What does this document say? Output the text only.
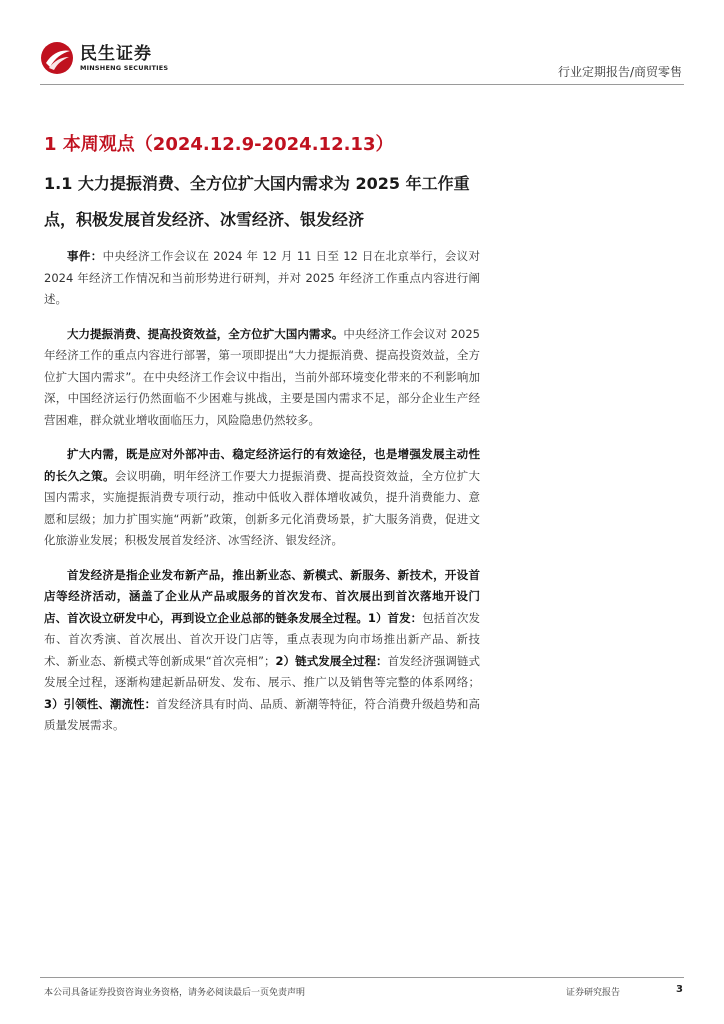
民生证券
MINSHENG SECURITIES	行业定期报告/商贸零售
1 本周观点（2024.12.9-2024.12.13）
1.1 大力提振消费、全方位扩大国内需求为 2025 年工作重点，积极发展首发经济、冰雪经济、银发经济

事件：中央经济工作会议在 2024 年 12 月 11 日至 12 日在北京举行，会议对 2024 年经济工作情况和当前形势进行研判，并对 2025 年经济工作重点内容进行阐述。

大力提振消费、提高投资效益，全方位扩大国内需求。中央经济工作会议对 2025 年经济工作的重点内容进行部署，第一项即提出“大力提振消费、提高投资效益，全方位扩大国内需求”。在中央经济工作会议中指出，当前外部环境变化带来的不利影响加深，中国经济运行仍然面临不少困难与挑战，主要是国内需求不足，部分企业生产经营困难，群众就业增收面临压力，风险隐患仍然较多。

扩大内需，既是应对外部冲击、稳定经济运行的有效途径，也是增强发展主动性的长久之策。会议明确，明年经济工作要大力提振消费、提高投资效益，全方位扩大国内需求，实施提振消费专项行动，推动中低收入群体增收减负，提升消费能力、意愿和层级；加力扩围实施“两新”政策，创新多元化消费场景，扩大服务消费，促进文化旅游业发展；积极发展首发经济、冰雪经济、银发经济。

首发经济是指企业发布新产品，推出新业态、新模式、新服务、新技术，开设首店等经济活动，涵盖了企业从产品或服务的首次发布、首次展出到首次落地开设门店、首次设立研发中心，再到设立企业总部的链条发展全过程。1）首发：包括首次发布、首次秀演、首次展出、首次开设门店等，重点表现为向市场推出新产品、新技术、新业态、新模式等创新成果“首次亮相”；2）链式发展全过程：首发经济强调链式发展全过程，逐渐构建起新品研发、发布、展示、推广以及销售等完整的体系网络；3）引领性、潮流性：首发经济具有时尚、品质、新潮等特征，符合消费升级趋势和高质量发展需求。

本公司具备证券投资咨询业务资格，请务必阅读最后一页免责声明	证券研究报告	3
